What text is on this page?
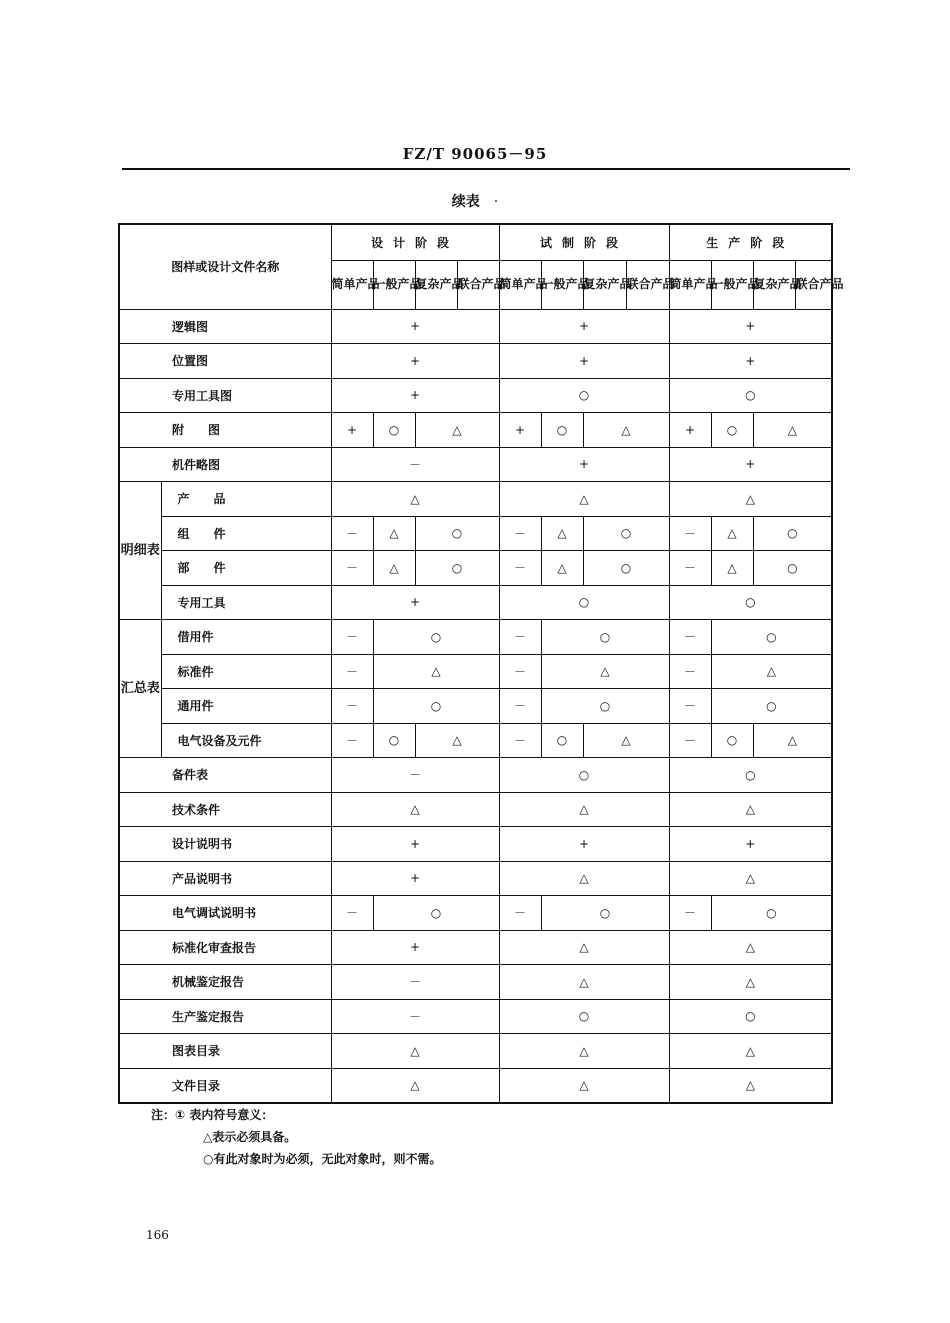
FZ/T 90065－95
续表 ·
图样或设计文件名称		设计阶段				试制阶段				生产阶段			
		简单产品	一般产品	复杂产品	联合产品	简单产品	一般产品	复杂产品	联合产品	简单产品	一般产品	复杂产品	联合产品
逻辑图		+				+				+			
位置图		+				+				+			
专用工具图		+				○				○			
附　　图		+	○	△		+	○	△		+	○	△	
机件略图		－				+				+			
明细表	产　　品	△				△				△			
	组　　件	－	△	○		－	△	○		－	△	○	
	部　　件	－	△	○		－	△	○		－	△	○	
	专用工具	+				○				○			
汇总表	借用件	－	○			－	○			－	○		
	标准件	－	△			－	△			－	△		
	通用件	－	○			－	○			－	○		
	电气设备及元件	－	○	△		－	○	△		－	○	△	
备件表		－				○				○			
技术条件		△				△				△			
设计说明书		+				+				+			
产品说明书		+				△				△			
电气调试说明书		－	○			－	○			－	○		
标准化审查报告		+				△				△			
机械鉴定报告		－				△				△			
生产鉴定报告		－				○				○			
图表目录		△				△				△			
文件目录		△				△				△			
注：① 表内符号意义：
△表示必须具备。
○有此对象时为必须，无此对象时，则不需。
166
